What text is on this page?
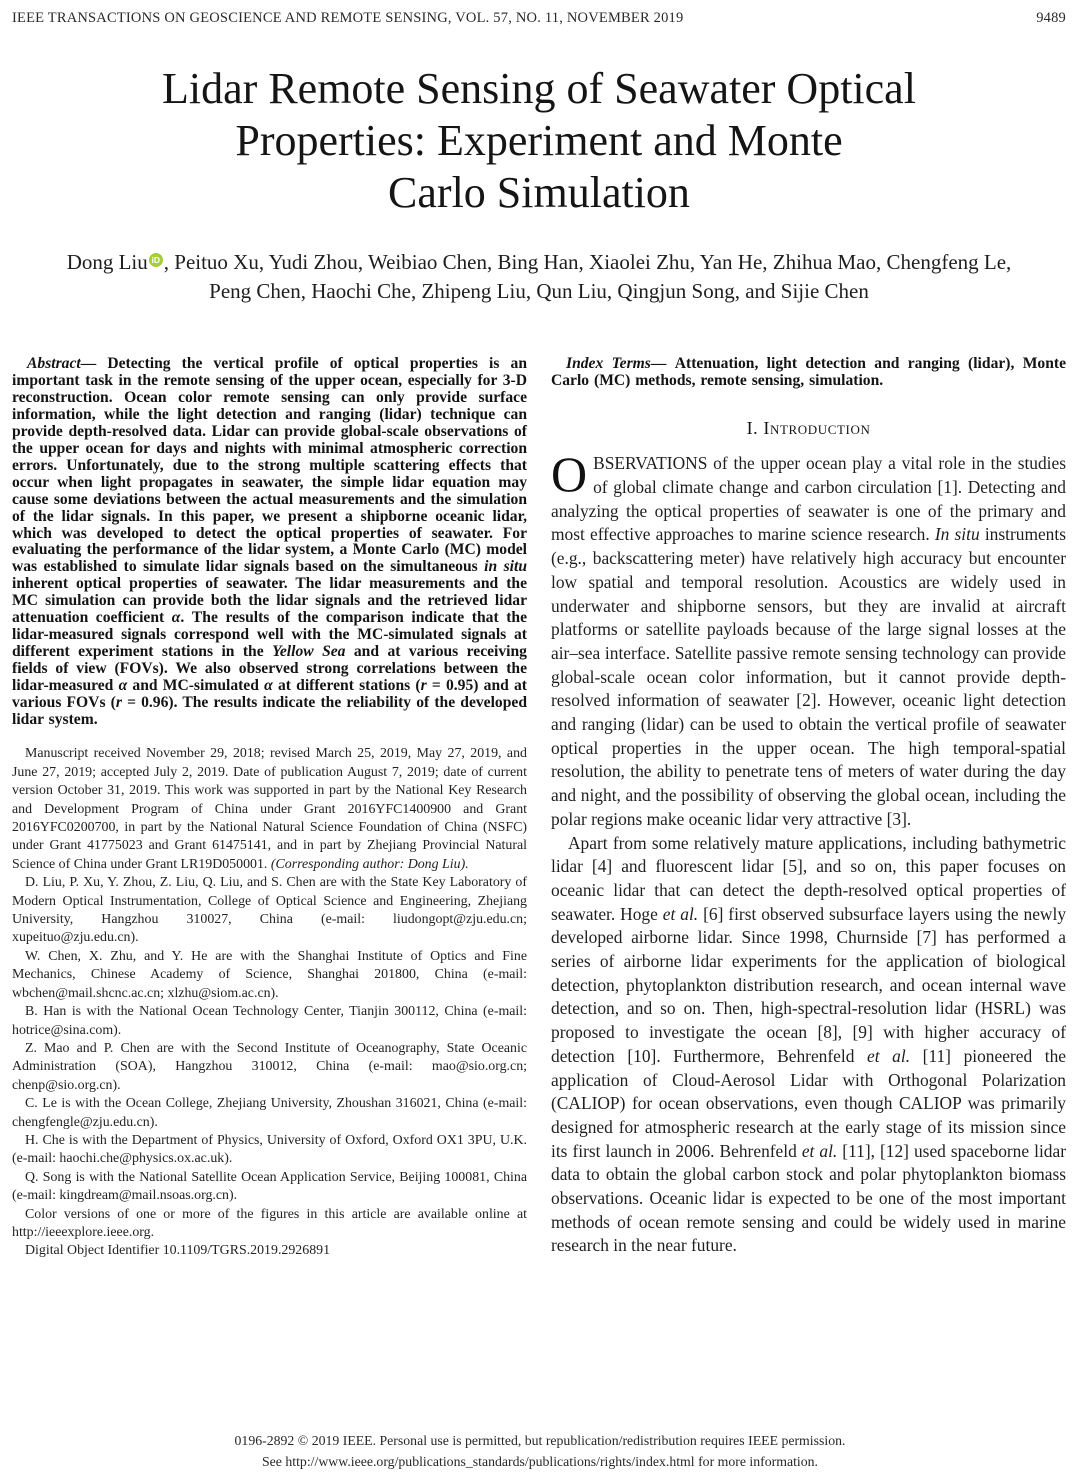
IEEE TRANSACTIONS ON GEOSCIENCE AND REMOTE SENSING, VOL. 57, NO. 11, NOVEMBER 2019	9489
Lidar Remote Sensing of Seawater Optical
Properties: Experiment and Monte
Carlo Simulation
Dong Liu iD , Peituo Xu, Yudi Zhou, Weibiao Chen, Bing Han, Xiaolei Zhu, Yan He, Zhihua Mao, Chengfeng Le,
Peng Chen, Haochi Che, Zhipeng Liu, Qun Liu, Qingjun Song, and Sijie Chen

Abstract— Detecting the vertical profile of optical properties is an important task in the remote sensing of the upper ocean, especially for 3-D reconstruction. Ocean color remote sensing can only provide surface information, while the light detection and ranging (lidar) technique can provide depth-resolved data. Lidar can provide global-scale observations of the upper ocean for days and nights with minimal atmospheric correction errors. Unfortunately, due to the strong multiple scattering effects that occur when light propagates in seawater, the simple lidar equation may cause some deviations between the actual measurements and the simulation of the lidar signals. In this paper, we present a shipborne oceanic lidar, which was developed to detect the optical properties of seawater. For evaluating the performance of the lidar system, a Monte Carlo (MC) model was established to simulate lidar signals based on the simultaneous in situ inherent optical properties of seawater. The lidar measurements and the MC simulation can provide both the lidar signals and the retrieved lidar attenuation coefficient α. The results of the comparison indicate that the lidar-measured signals correspond well with the MC-simulated signals at different experiment stations in the Yellow Sea and at various receiving fields of view (FOVs). We also observed strong correlations between the lidar-measured α and MC-simulated α at different stations (r = 0.95) and at various FOVs (r = 0.96). The results indicate the reliability of the developed lidar system.

Manuscript received November 29, 2018; revised March 25, 2019, May 27, 2019, and June 27, 2019; accepted July 2, 2019. Date of publication August 7, 2019; date of current version October 31, 2019. This work was supported in part by the National Key Research and Development Program of China under Grant 2016YFC1400900 and Grant 2016YFC0200700, in part by the National Natural Science Foundation of China (NSFC) under Grant 41775023 and Grant 61475141, and in part by Zhejiang Provincial Natural Science of China under Grant LR19D050001. (Corresponding author: Dong Liu).

D. Liu, P. Xu, Y. Zhou, Z. Liu, Q. Liu, and S. Chen are with the State Key Laboratory of Modern Optical Instrumentation, College of Optical Science and Engineering, Zhejiang University, Hangzhou 310027, China (e-mail: liudongopt@zju.edu.cn; xupeituo@zju.edu.cn).

W. Chen, X. Zhu, and Y. He are with the Shanghai Institute of Optics and Fine Mechanics, Chinese Academy of Science, Shanghai 201800, China (e-mail: wbchen@mail.shcnc.ac.cn; xlzhu@siom.ac.cn).

B. Han is with the National Ocean Technology Center, Tianjin 300112, China (e-mail: hotrice@sina.com).

Z. Mao and P. Chen are with the Second Institute of Oceanography, State Oceanic Administration (SOA), Hangzhou 310012, China (e-mail: mao@sio.org.cn; chenp@sio.org.cn).

C. Le is with the Ocean College, Zhejiang University, Zhoushan 316021, China (e-mail: chengfengle@zju.edu.cn).

H. Che is with the Department of Physics, University of Oxford, Oxford OX1 3PU, U.K. (e-mail: haochi.che@physics.ox.ac.uk).

Q. Song is with the National Satellite Ocean Application Service, Beijing 100081, China (e-mail: kingdream@mail.nsoas.org.cn).

Color versions of one or more of the figures in this article are available online at http://ieeexplore.ieee.org.

Digital Object Identifier 10.1109/TGRS.2019.2926891

Index Terms— Attenuation, light detection and ranging (lidar), Monte Carlo (MC) methods, remote sensing, simulation.

I. Introduction

OBSERVATIONS of the upper ocean play a vital role in the studies of global climate change and carbon circulation [1]. Detecting and analyzing the optical properties of seawater is one of the primary and most effective approaches to marine science research. In situ instruments (e.g., backscattering meter) have relatively high accuracy but encounter low spatial and temporal resolution. Acoustics are widely used in underwater and shipborne sensors, but they are invalid at aircraft platforms or satellite payloads because of the large signal losses at the air–sea interface. Satellite passive remote sensing technology can provide global-scale ocean color information, but it cannot provide depth-resolved information of seawater [2]. However, oceanic light detection and ranging (lidar) can be used to obtain the vertical profile of seawater optical properties in the upper ocean. The high temporal-spatial resolution, the ability to penetrate tens of meters of water during the day and night, and the possibility of observing the global ocean, including the polar regions make oceanic lidar very attractive [3].

Apart from some relatively mature applications, including bathymetric lidar [4] and fluorescent lidar [5], and so on, this paper focuses on oceanic lidar that can detect the depth-resolved optical properties of seawater. Hoge et al. [6] first observed subsurface layers using the newly developed airborne lidar. Since 1998, Churnside [7] has performed a series of airborne lidar experiments for the application of biological detection, phytoplankton distribution research, and ocean internal wave detection, and so on. Then, high-spectral-resolution lidar (HSRL) was proposed to investigate the ocean [8], [9] with higher accuracy of detection [10]. Furthermore, Behrenfeld et al. [11] pioneered the application of Cloud-Aerosol Lidar with Orthogonal Polarization (CALIOP) for ocean observations, even though CALIOP was primarily designed for atmospheric research at the early stage of its mission since its first launch in 2006. Behrenfeld et al. [11], [12] used spaceborne lidar data to obtain the global carbon stock and polar phytoplankton biomass observations. Oceanic lidar is expected to be one of the most important methods of ocean remote sensing and could be widely used in marine research in the near future.

0196-2892 © 2019 IEEE. Personal use is permitted, but republication/redistribution requires IEEE permission.
See http://www.ieee.org/publications_standards/publications/rights/index.html for more information.
